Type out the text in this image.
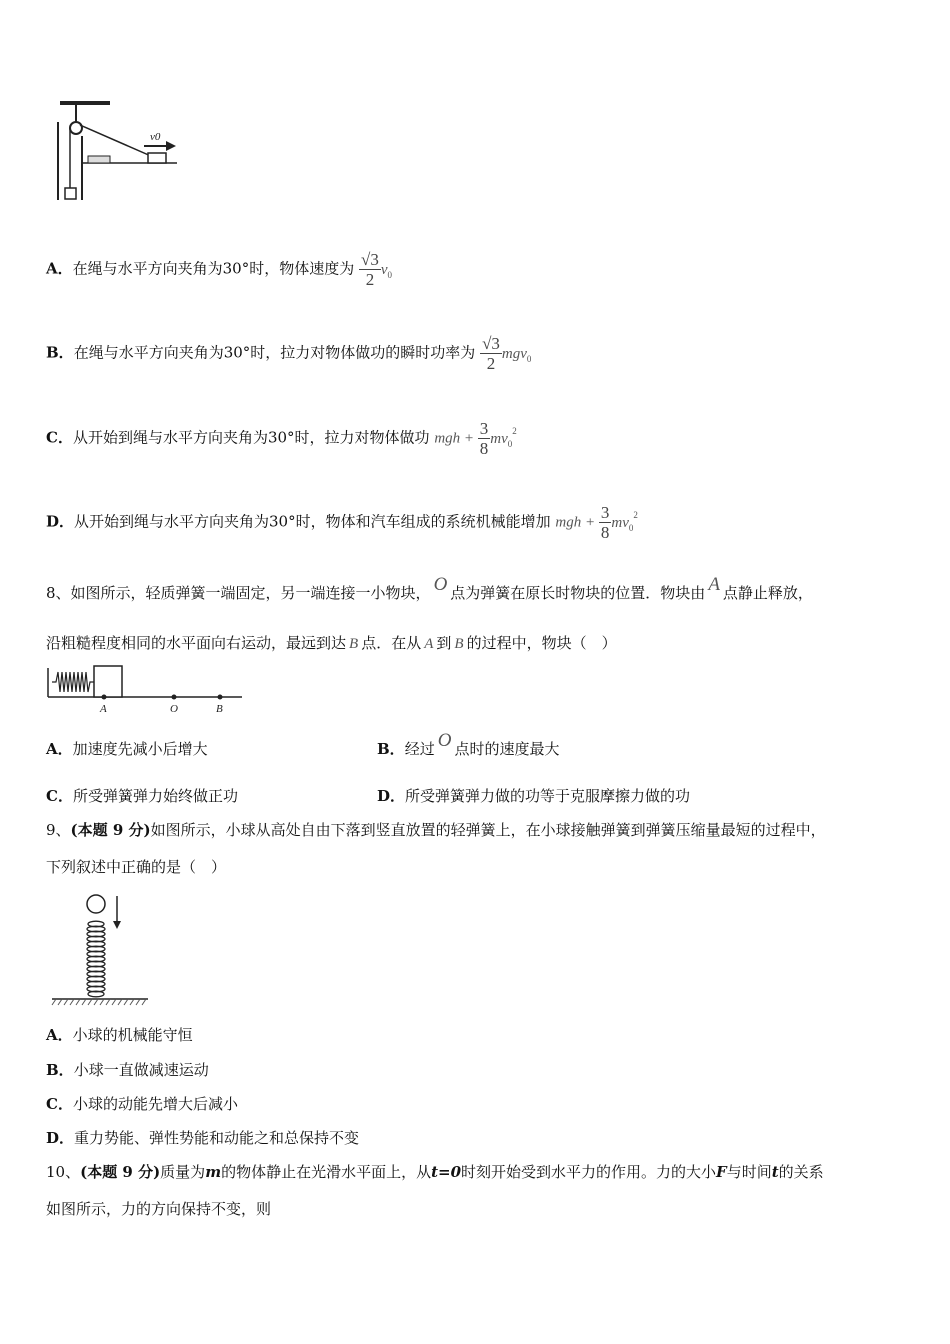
v0
A．在绳与水平方向夹角为30°时，物体速度为 $\frac{√3}{2} v_0$
B．在绳与水平方向夹角为30°时，拉力对物体做功的瞬时功率为 $\frac{√3}{2} mgv_0$
C．从开始到绳与水平方向夹角为30°时，拉力对物体做功 mgh + $\frac{3}{8} mv_0^2$
D．从开始到绳与水平方向夹角为30°时，物体和汽车组成的系统机械能增加 mgh + $\frac{3}{8} mv_0^2$
8、如图所示，轻质弹簧一端固定，另一端连接一小物块， O 点为弹簧在原长时物块的位置．物块由 A 点静止释放，
沿粗糙程度相同的水平面向右运动，最远到达 B 点．在从 A 到 B 的过程中，物块（　）
A	O	B
A．加速度先减小后增大	B．经过 O 点时的速度最大
C．所受弹簧弹力始终做正功	D．所受弹簧弹力做的功等于克服摩擦力做的功
9、(本题 9 分)如图所示，小球从高处自由下落到竖直放置的轻弹簧上，在小球接触弹簧到弹簧压缩量最短的过程中，
下列叙述中正确的是（　）
A．小球的机械能守恒
B．小球一直做减速运动
C．小球的动能先增大后减小
D．重力势能、弹性势能和动能之和总保持不变
10、(本题 9 分)质量为m的物体静止在光滑水平面上，从t=0时刻开始受到水平力的作用。力的大小F与时间t的关系
如图所示，力的方向保持不变，则
